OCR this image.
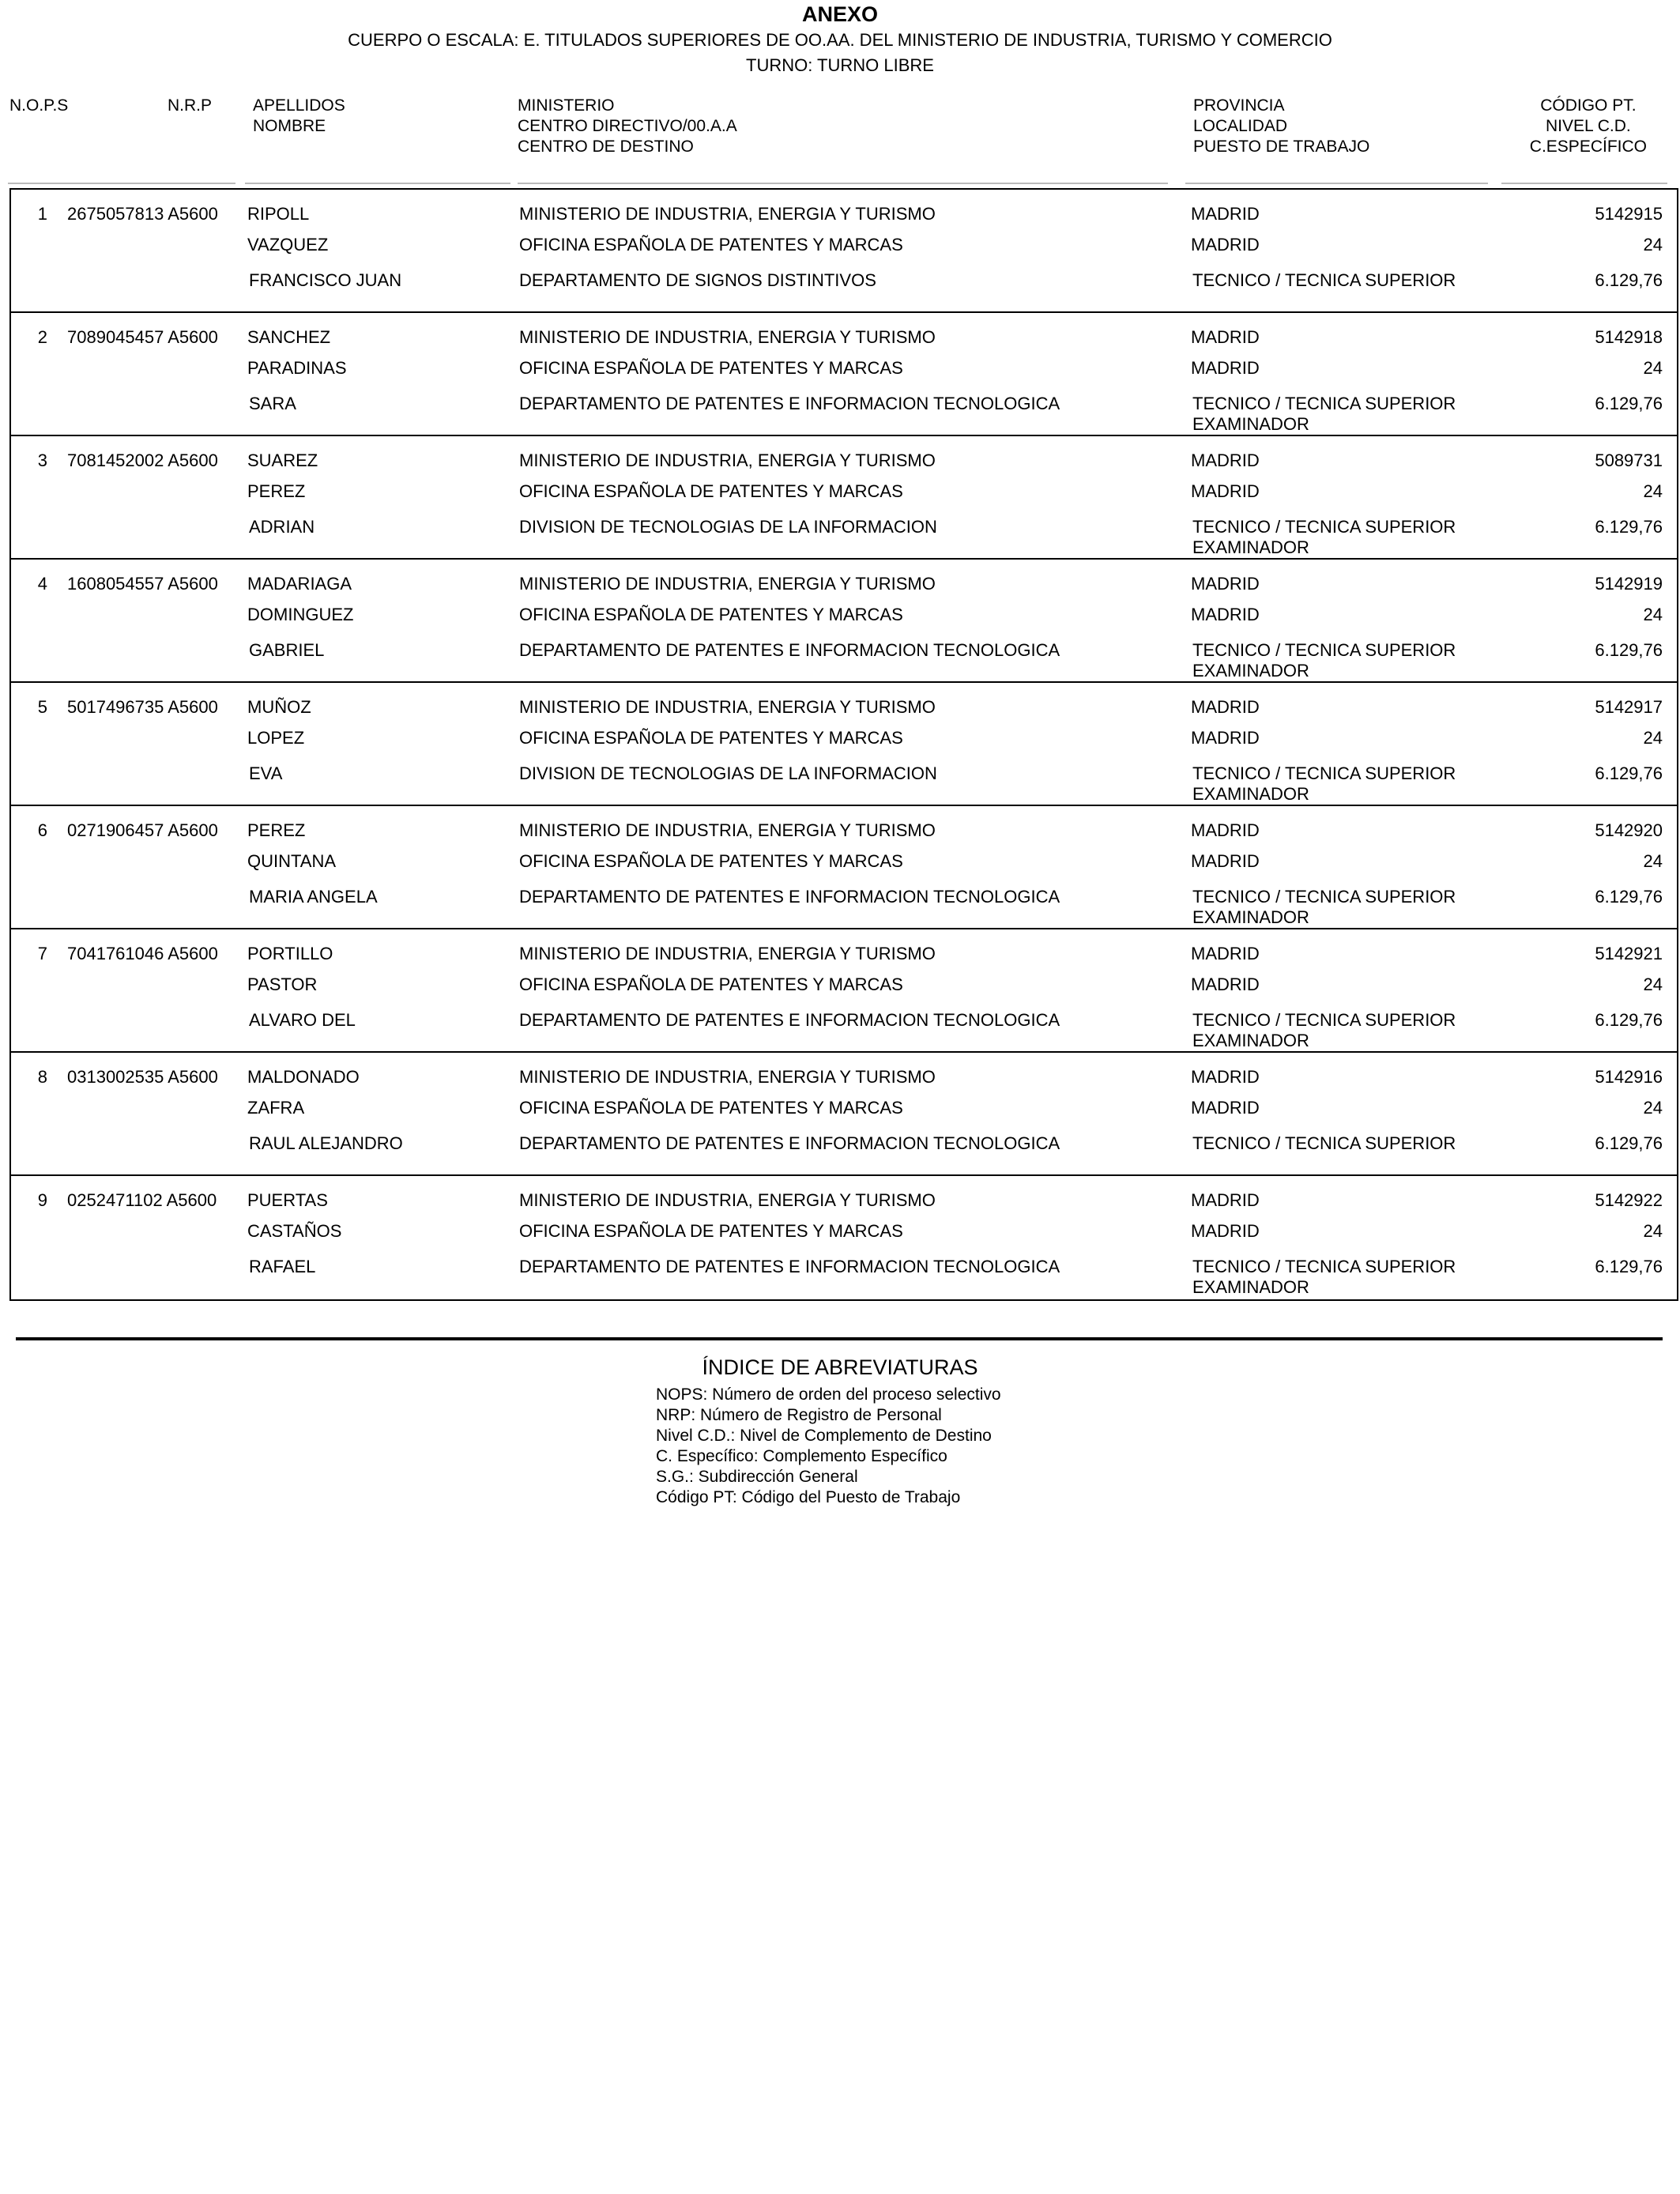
ANEXO
CUERPO O ESCALA: E. TITULADOS SUPERIORES DE OO.AA. DEL MINISTERIO DE INDUSTRIA, TURISMO Y COMERCIO
TURNO: TURNO LIBRE
N.O.P.S	N.R.P APELLIDOS
NOMBRE
MINISTERIO
CENTRO DIRECTIVO/00.A.A
CENTRO DE DESTINO
PROVINCIA
LOCALIDAD
PUESTO DE TRABAJO
CÓDIGO PT.
NIVEL C.D.
C.ESPECÍFICO
1 2675057813 A5600 RIPOLL
VAZQUEZ
FRANCISCO JUAN
MINISTERIO DE INDUSTRIA, ENERGIA Y TURISMO
OFICINA ESPAÑOLA DE PATENTES Y MARCAS
DEPARTAMENTO DE SIGNOS DISTINTIVOS
MADRID
MADRID
5142915
24
6.129,76
TECNICO / TECNICA SUPERIOR
2 7089045457 A5600 SANCHEZ
PARADINAS
SARA
MINISTERIO DE INDUSTRIA, ENERGIA Y TURISMO
OFICINA ESPAÑOLA DE PATENTES Y MARCAS
DEPARTAMENTO DE PATENTES E INFORMACION TECNOLOGICA
MADRID
MADRID
5142918
24
6.129,76
TECNICO / TECNICA SUPERIOR
EXAMINADOR
3 7081452002 A5600 SUAREZ
PEREZ
ADRIAN
MINISTERIO DE INDUSTRIA, ENERGIA Y TURISMO
OFICINA ESPAÑOLA DE PATENTES Y MARCAS
DIVISION DE TECNOLOGIAS DE LA INFORMACION
MADRID
MADRID
5089731
24
6.129,76
TECNICO / TECNICA SUPERIOR
EXAMINADOR
4 1608054557 A5600 MADARIAGA
DOMINGUEZ
GABRIEL
MINISTERIO DE INDUSTRIA, ENERGIA Y TURISMO
OFICINA ESPAÑOLA DE PATENTES Y MARCAS
DEPARTAMENTO DE PATENTES E INFORMACION TECNOLOGICA
MADRID
MADRID
5142919
24
6.129,76
TECNICO / TECNICA SUPERIOR
EXAMINADOR
5 5017496735 A5600 MUÑOZ
LOPEZ
EVA
MINISTERIO DE INDUSTRIA, ENERGIA Y TURISMO
OFICINA ESPAÑOLA DE PATENTES Y MARCAS
DIVISION DE TECNOLOGIAS DE LA INFORMACION
MADRID
MADRID
5142917
24
6.129,76
TECNICO / TECNICA SUPERIOR
EXAMINADOR
6 0271906457 A5600 PEREZ
QUINTANA
MARIA ANGELA
MINISTERIO DE INDUSTRIA, ENERGIA Y TURISMO
OFICINA ESPAÑOLA DE PATENTES Y MARCAS
DEPARTAMENTO DE PATENTES E INFORMACION TECNOLOGICA
MADRID
MADRID
5142920
24
6.129,76
TECNICO / TECNICA SUPERIOR
EXAMINADOR
7 7041761046 A5600 PORTILLO
PASTOR
ALVARO DEL
MINISTERIO DE INDUSTRIA, ENERGIA Y TURISMO
OFICINA ESPAÑOLA DE PATENTES Y MARCAS
DEPARTAMENTO DE PATENTES E INFORMACION TECNOLOGICA
MADRID
MADRID
5142921
24
6.129,76
TECNICO / TECNICA SUPERIOR
EXAMINADOR
8 0313002535 A5600 MALDONADO
ZAFRA
RAUL ALEJANDRO
MINISTERIO DE INDUSTRIA, ENERGIA Y TURISMO
OFICINA ESPAÑOLA DE PATENTES Y MARCAS
DEPARTAMENTO DE PATENTES E INFORMACION TECNOLOGICA
MADRID
MADRID
5142916
24
6.129,76
TECNICO / TECNICA SUPERIOR
9 0252471102 A5600 PUERTAS
CASTAÑOS
RAFAEL
MINISTERIO DE INDUSTRIA, ENERGIA Y TURISMO
OFICINA ESPAÑOLA DE PATENTES Y MARCAS
DEPARTAMENTO DE PATENTES E INFORMACION TECNOLOGICA
MADRID
MADRID
5142922
24
6.129,76
TECNICO / TECNICA SUPERIOR
EXAMINADOR
ÍNDICE DE ABREVIATURAS
NOPS: Número de orden del proceso selectivo
NRP: Número de Registro de Personal
Nivel C.D.: Nivel de Complemento de Destino
C. Específico: Complemento Específico
S.G.: Subdirección General
Código PT: Código del Puesto de Trabajo
